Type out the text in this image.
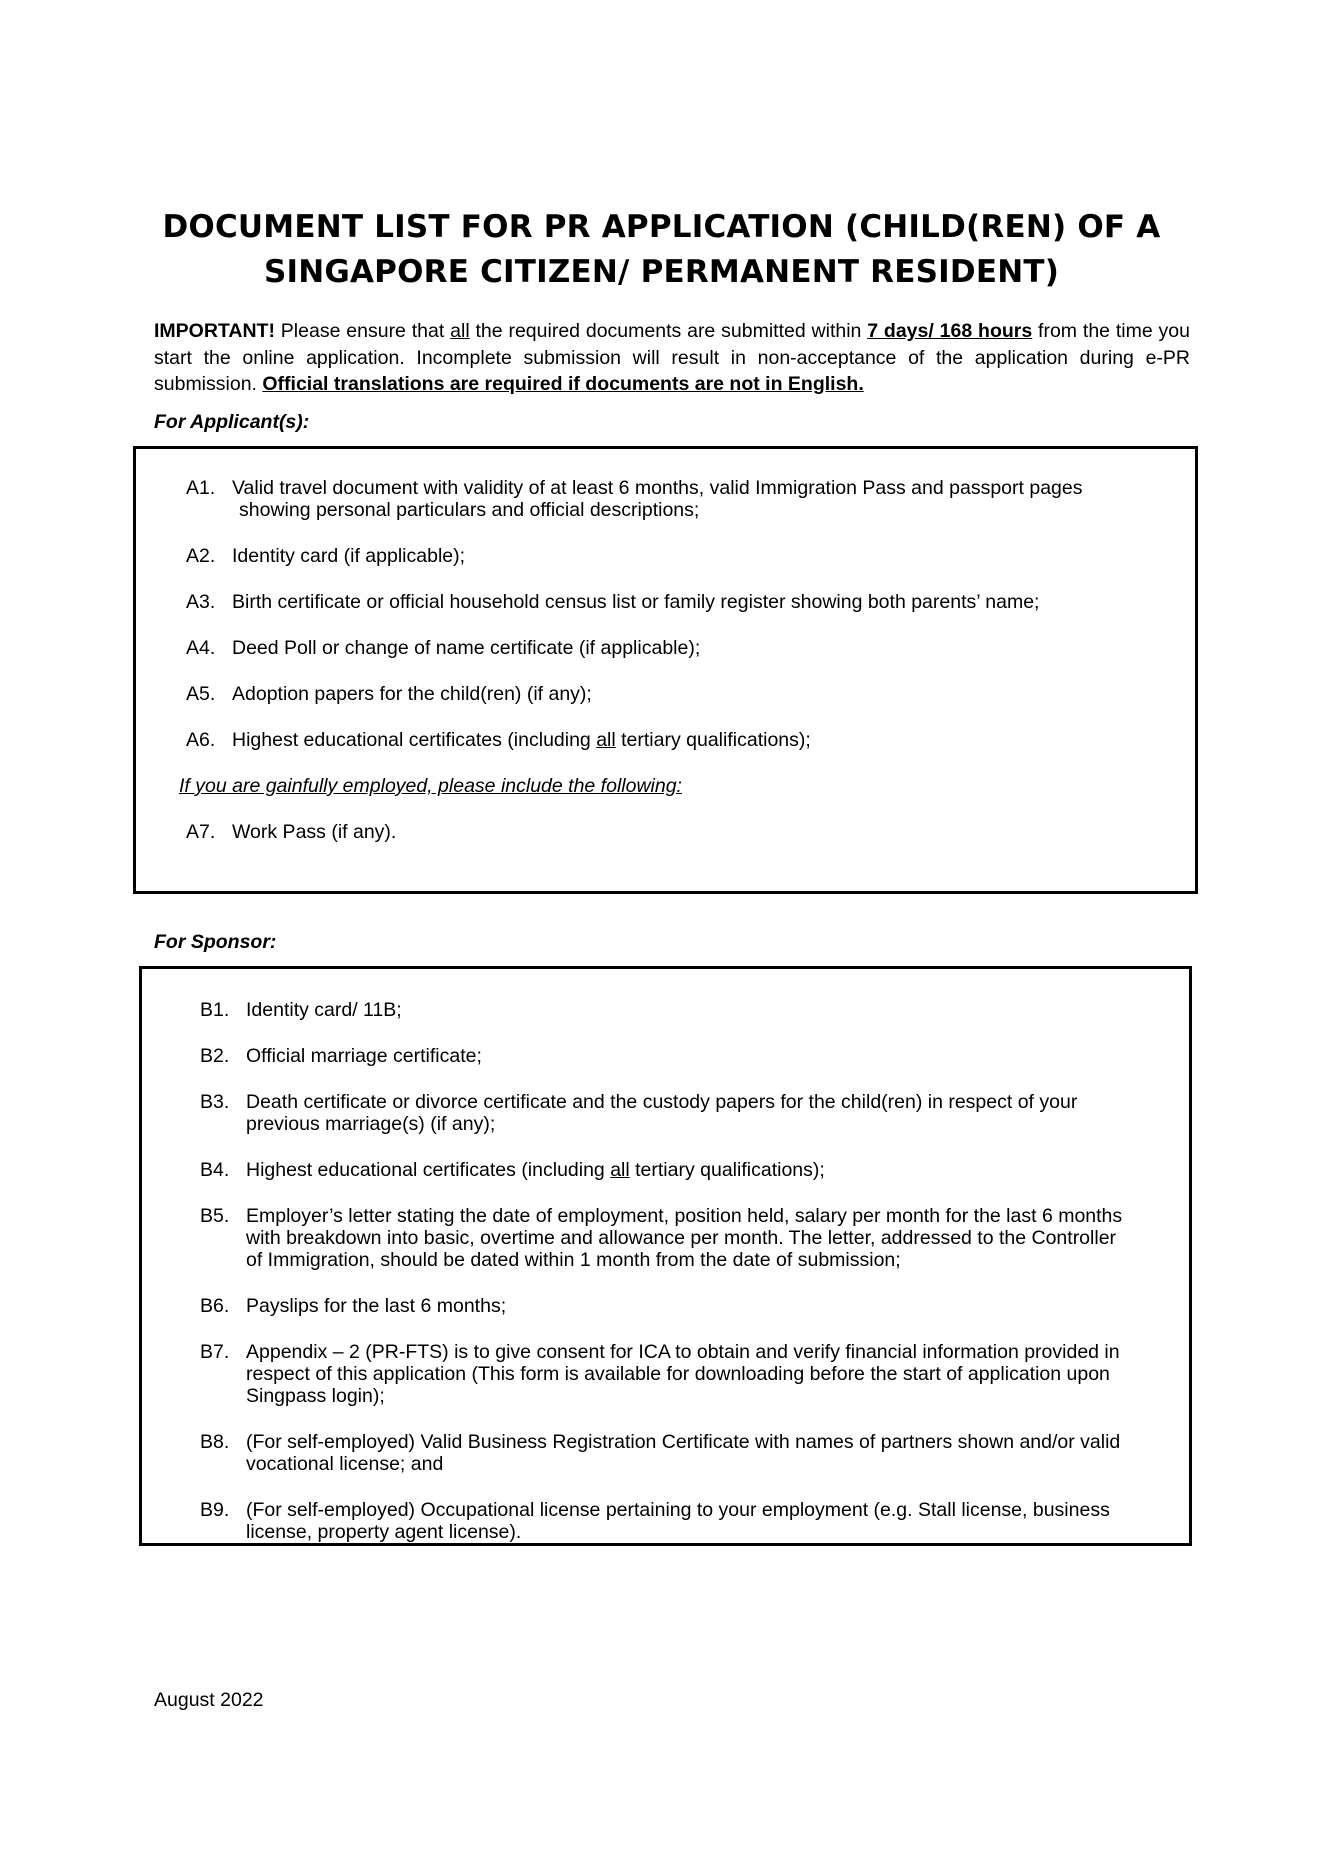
DOCUMENT LIST FOR PR APPLICATION (CHILD(REN) OF A
SINGAPORE CITIZEN/ PERMANENT RESIDENT)
IMPORTANT! Please ensure that all the required documents are submitted within 7 days/ 168 hours from the time you start the online application. Incomplete submission will result in non-acceptance of the application during e-PR submission. Official translations are required if documents are not in English.
For Applicant(s):
A1. Valid travel document with validity of at least 6 months, valid Immigration Pass and passport pages
showing personal particulars and official descriptions;
A2. Identity card (if applicable);
A3. Birth certificate or official household census list or family register showing both parents’ name;
A4. Deed Poll or change of name certificate (if applicable);
A5. Adoption papers for the child(ren) (if any);
A6. Highest educational certificates (including all tertiary qualifications);
If you are gainfully employed, please include the following:
A7. Work Pass (if any).
For Sponsor:
B1. Identity card/ 11B;
B2. Official marriage certificate;
B3. Death certificate or divorce certificate and the custody papers for the child(ren) in respect of your
previous marriage(s) (if any);
B4. Highest educational certificates (including all tertiary qualifications);
B5. Employer’s letter stating the date of employment, position held, salary per month for the last 6 months
with breakdown into basic, overtime and allowance per month. The letter, addressed to the Controller
of Immigration, should be dated within 1 month from the date of submission;
B6. Payslips for the last 6 months;
B7. Appendix – 2 (PR-FTS) is to give consent for ICA to obtain and verify financial information provided in
respect of this application (This form is available for downloading before the start of application upon
Singpass login);
B8. (For self-employed) Valid Business Registration Certificate with names of partners shown and/or valid
vocational license; and
B9. (For self-employed) Occupational license pertaining to your employment (e.g. Stall license, business
license, property agent license).
August 2022
